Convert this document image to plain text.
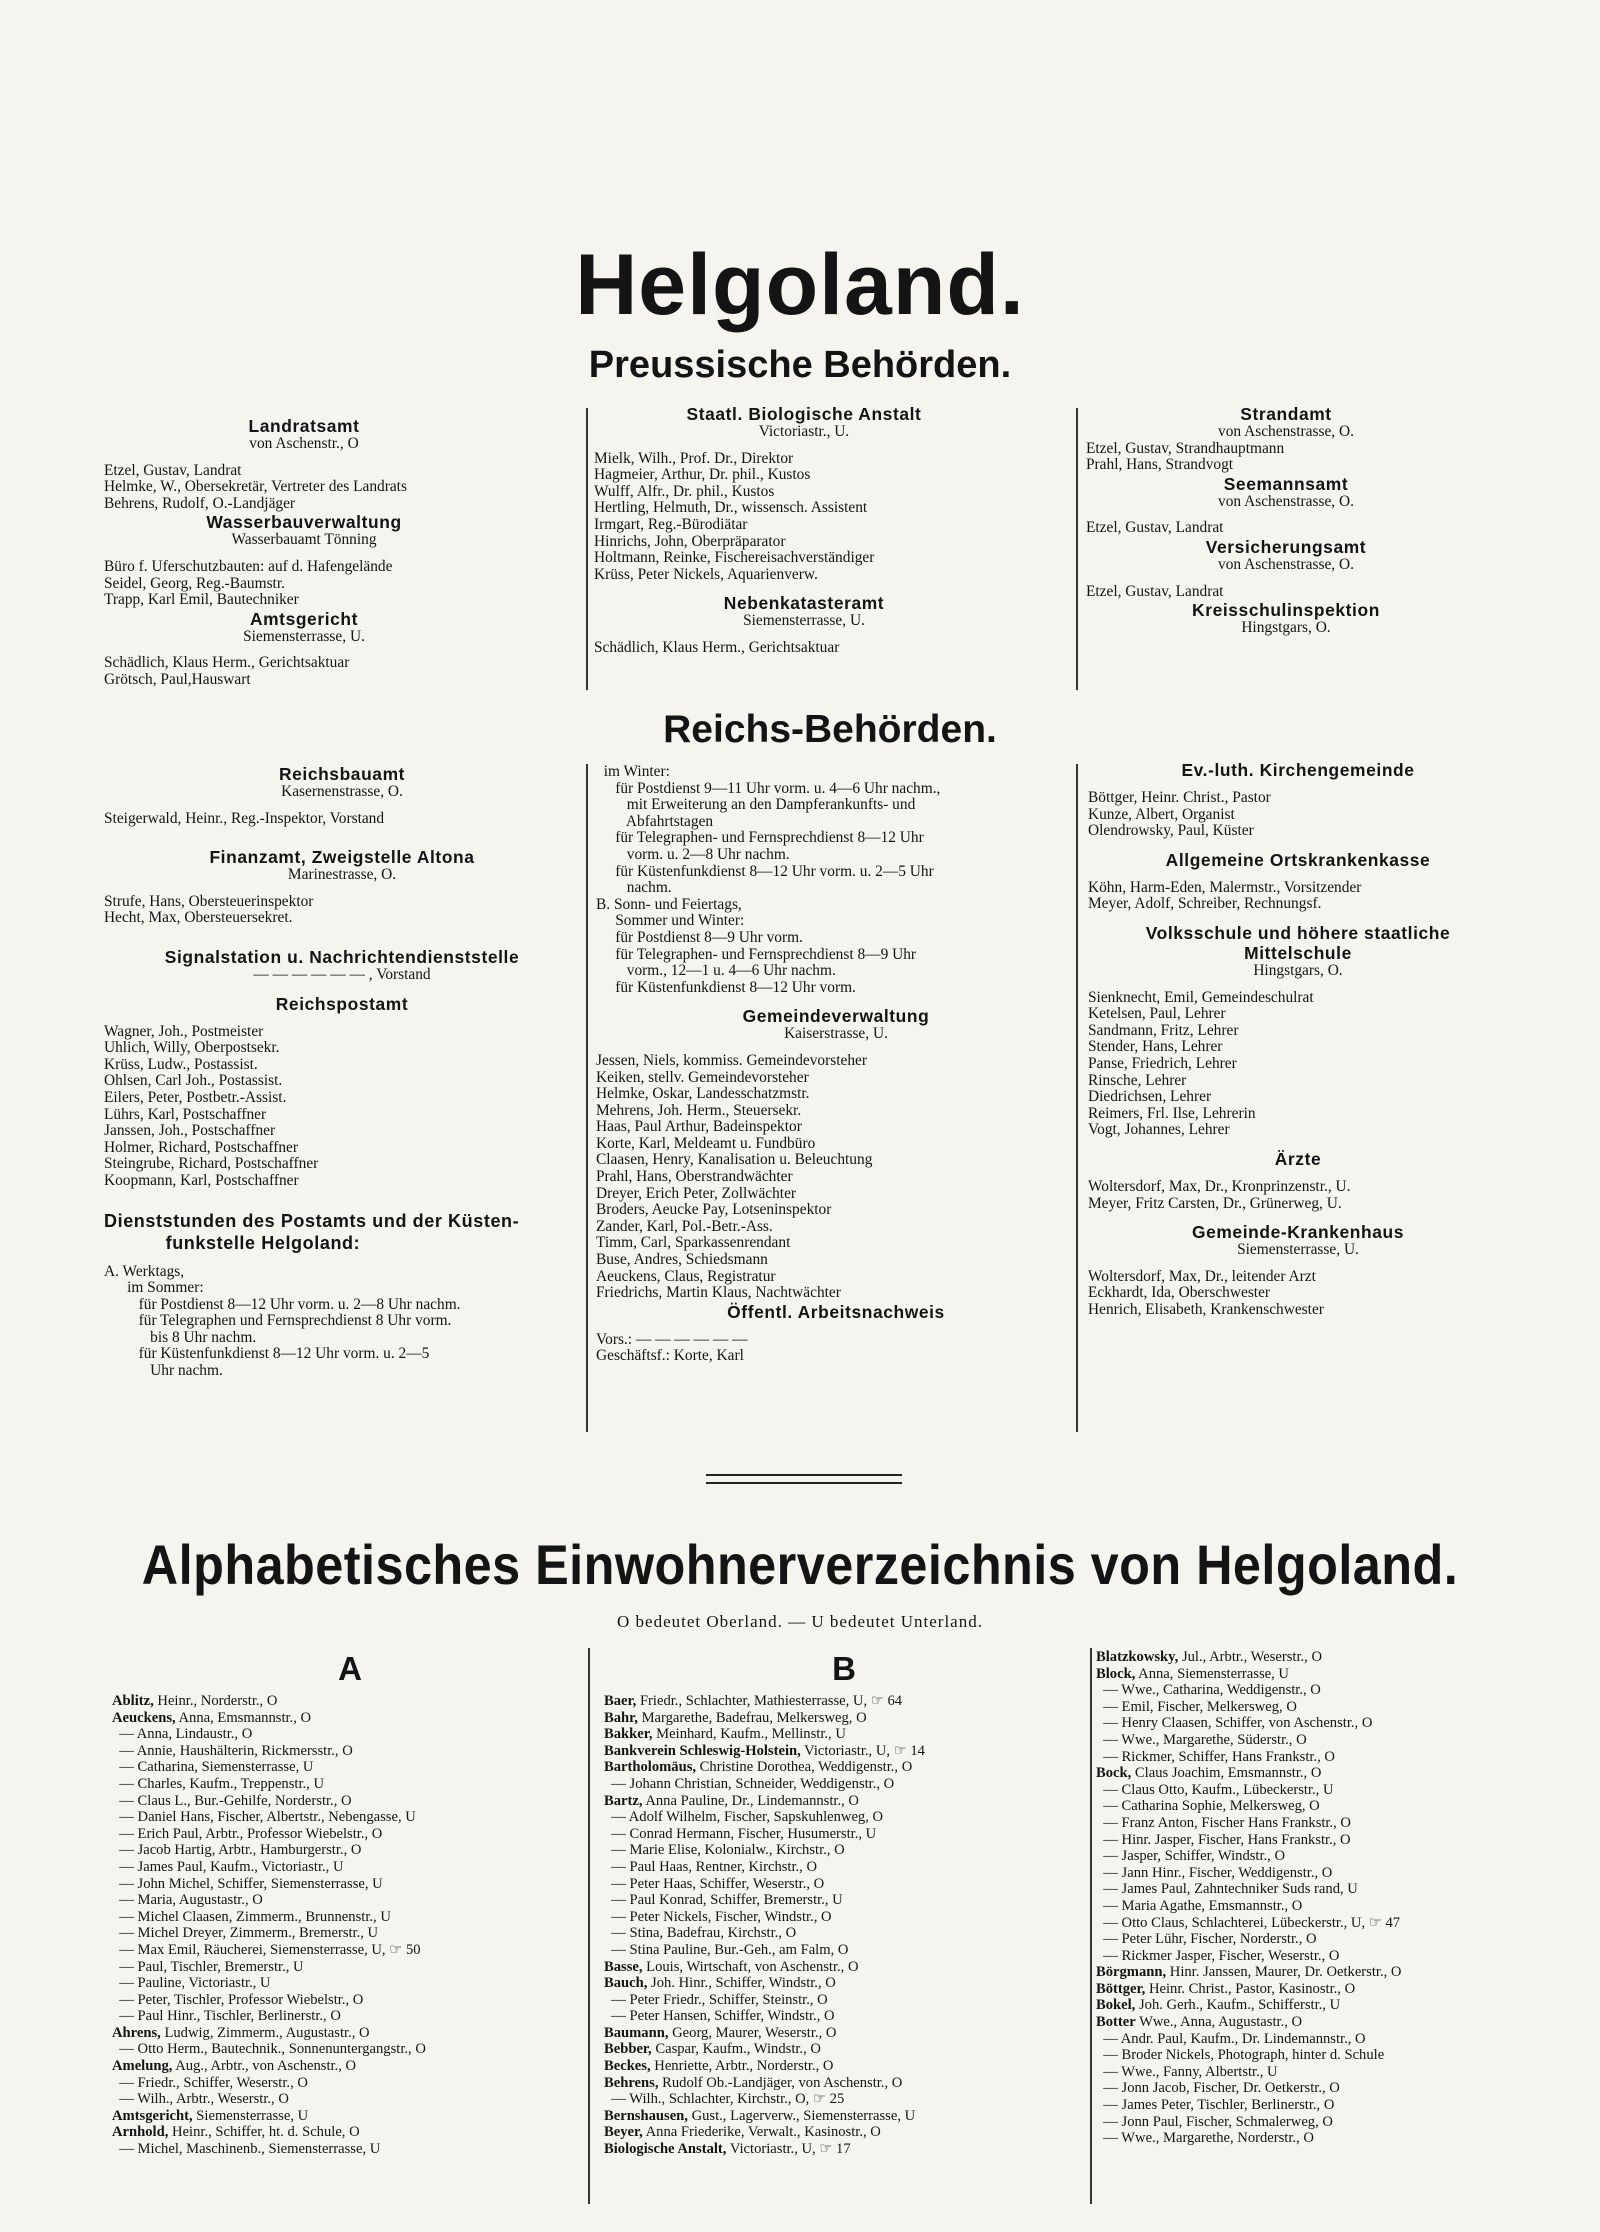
Helgoland.
Preussische Behörden.
Landratsamt
von Aschenstr., O
Etzel, Gustav, Landrat
Helmke, W., Obersekretär, Vertreter des Landrats
Behrens, Rudolf, O.-Landjäger
Wasserbauverwaltung
Wasserbauamt Tönning
Büro f. Uferschutzbauten: auf d. Hafengelände
Seidel, Georg, Reg.-Baumstr.
Trapp, Karl Emil, Bautechniker
Amtsgericht
Siemensterrasse, U.
Schädlich, Klaus Herm., Gerichtsaktuar
Grötsch, Paul,Hauswart
Staatl. Biologische Anstalt
Victoriastr., U.
Mielk, Wilh., Prof. Dr., Direktor
Hagmeier, Arthur, Dr. phil., Kustos
Wulff, Alfr., Dr. phil., Kustos
Hertling, Helmuth, Dr., wissensch. Assistent
Irmgart, Reg.-Bürodiätar
Hinrichs, John, Oberpräparator
Holtmann, Reinke, Fischereisachverständiger
Krüss, Peter Nickels, Aquarienverw.
Nebenkatasteramt
Siemensterrasse, U.
Schädlich, Klaus Herm., Gerichtsaktuar
Strandamt
von Aschenstrasse, O.
Etzel, Gustav, Strandhauptmann
Prahl, Hans, Strandvogt
Seemannsamt
von Aschenstrasse, O.
Etzel, Gustav, Landrat
Versicherungsamt
von Aschenstrasse, O.
Etzel, Gustav, Landrat
Kreisschulinspektion
Hingstgars, O.
Reichs-Behörden.
Reichsbauamt
Kasernenstrasse, O.
Steigerwald, Heinr., Reg.-Inspektor, Vorstand
Finanzamt, Zweigstelle Altona
Marinestrasse, O.
Strufe, Hans, Obersteuerinspektor
Hecht, Max, Obersteuersekret.
Signalstation u. Nachrichtendienststelle
— — — — — — , Vorstand
Reichspostamt
Wagner, Joh., Postmeister
Uhlich, Willy, Oberpostsekr.
Krüss, Ludw., Postassist.
Ohlsen, Carl Joh., Postassist.
Eilers, Peter, Postbetr.-Assist.
Lührs, Karl, Postschaffner
Janssen, Joh., Postschaffner
Holmer, Richard, Postschaffner
Steingrube, Richard, Postschaffner
Koopmann, Karl, Postschaffner
Dienststunden des Postamts und der Küsten-
funkstelle Helgoland:
A. Werktags,
im Sommer:
für Postdienst 8—12 Uhr vorm. u. 2—8 Uhr nachm.
für Telegraphen und Fernsprechdienst 8 Uhr vorm.
bis 8 Uhr nachm.
für Küstenfunkdienst 8—12 Uhr vorm. u. 2—5
Uhr nachm.
im Winter:
für Postdienst 9—11 Uhr vorm. u. 4—6 Uhr nachm.,
mit Erweiterung an den Dampferankunfts- und
Abfahrtstagen
für Telegraphen- und Fernsprechdienst 8—12 Uhr
vorm. u. 2—8 Uhr nachm.
für Küstenfunkdienst 8—12 Uhr vorm. u. 2—5 Uhr
nachm.
B. Sonn- und Feiertags,
Sommer und Winter:
für Postdienst 8—9 Uhr vorm.
für Telegraphen- und Fernsprechdienst 8—9 Uhr
vorm., 12—1 u. 4—6 Uhr nachm.
für Küstenfunkdienst 8—12 Uhr vorm.
Gemeindeverwaltung
Kaiserstrasse, U.
Jessen, Niels, kommiss. Gemeindevorsteher
Keiken, stellv. Gemeindevorsteher
Helmke, Oskar, Landesschatzmstr.
Mehrens, Joh. Herm., Steuersekr.
Haas, Paul Arthur, Badeinspektor
Korte, Karl, Meldeamt u. Fundbüro
Claasen, Henry, Kanalisation u. Beleuchtung
Prahl, Hans, Oberstrandwächter
Dreyer, Erich Peter, Zollwächter
Broders, Aeucke Pay, Lotseninspektor
Zander, Karl, Pol.-Betr.-Ass.
Timm, Carl, Sparkassenrendant
Buse, Andres, Schiedsmann
Aeuckens, Claus, Registratur
Friedrichs, Martin Klaus, Nachtwächter
Öffentl. Arbeitsnachweis
Vors.: — — — — — —
Geschäftsf.: Korte, Karl
Ev.-luth. Kirchengemeinde
Böttger, Heinr. Christ., Pastor
Kunze, Albert, Organist
Olendrowsky, Paul, Küster
Allgemeine Ortskrankenkasse
Köhn, Harm-Eden, Malermstr., Vorsitzender
Meyer, Adolf, Schreiber, Rechnungsf.
Volksschule und höhere staatliche
Mittelschule
Hingstgars, O.
Sienknecht, Emil, Gemeindeschulrat
Ketelsen, Paul, Lehrer
Sandmann, Fritz, Lehrer
Stender, Hans, Lehrer
Panse, Friedrich, Lehrer
Rinsche, Lehrer
Diedrichsen, Lehrer
Reimers, Frl. Ilse, Lehrerin
Vogt, Johannes, Lehrer
Ärzte
Woltersdorf, Max, Dr., Kronprinzenstr., U.
Meyer, Fritz Carsten, Dr., Grünerweg, U.
Gemeinde-Krankenhaus
Siemensterrasse, U.
Woltersdorf, Max, Dr., leitender Arzt
Eckhardt, Ida, Oberschwester
Henrich, Elisabeth, Krankenschwester
Alphabetisches Einwohnerverzeichnis von Helgoland.
O bedeutet Oberland. — U bedeutet Unterland.
A	B
Ablitz, Heinr., Norderstr., O
Aeuckens, Anna, Emsmannstr., O
— Anna, Lindaustr., O
— Annie, Haushälterin, Rickmersstr., O
— Catharina, Siemensterrasse, U
— Charles, Kaufm., Treppenstr., U
— Claus L., Bur.-Gehilfe, Norderstr., O
— Daniel Hans, Fischer, Albertstr., Nebengasse, U
— Erich Paul, Arbtr., Professor Wiebelstr., O
— Jacob Hartig, Arbtr., Hamburgerstr., O
— James Paul, Kaufm., Victoriastr., U
— John Michel, Schiffer, Siemensterrasse, U
— Maria, Augustastr., O
— Michel Claasen, Zimmerm., Brunnenstr., U
— Michel Dreyer, Zimmerm., Bremerstr., U
— Max Emil, Räucherei, Siemensterrasse, U, ☞ 50
— Paul, Tischler, Bremerstr., U
— Pauline, Victoriastr., U
— Peter, Tischler, Professor Wiebelstr., O
— Paul Hinr., Tischler, Berlinerstr., O
Ahrens, Ludwig, Zimmerm., Augustastr., O
— Otto Herm., Bautechnik., Sonnenuntergangstr., O
Amelung, Aug., Arbtr., von Aschenstr., O
— Friedr., Schiffer, Weserstr., O
— Wilh., Arbtr., Weserstr., O
Amtsgericht, Siemensterrasse, U
Arnhold, Heinr., Schiffer, ht. d. Schule, O
— Michel, Maschinenb., Siemensterrasse, U
Baer, Friedr., Schlachter, Mathiesterrasse, U, ☞ 64
Bahr, Margarethe, Badefrau, Melkersweg, O
Bakker, Meinhard, Kaufm., Mellinstr., U
Bankverein Schleswig-Holstein, Victoriastr., U, ☞ 14
Bartholomäus, Christine Dorothea, Weddigenstr., O
— Johann Christian, Schneider, Weddigenstr., O
Bartz, Anna Pauline, Dr., Lindemannstr., O
— Adolf Wilhelm, Fischer, Sapskuhlenweg, O
— Conrad Hermann, Fischer, Husumerstr., U
— Marie Elise, Kolonialw., Kirchstr., O
— Paul Haas, Rentner, Kirchstr., O
— Peter Haas, Schiffer, Weserstr., O
— Paul Konrad, Schiffer, Bremerstr., U
— Peter Nickels, Fischer, Windstr., O
— Stina, Badefrau, Kirchstr., O
— Stina Pauline, Bur.-Geh., am Falm, O
Basse, Louis, Wirtschaft, von Aschenstr., O
Bauch, Joh. Hinr., Schiffer, Windstr., O
— Peter Friedr., Schiffer, Steinstr., O
— Peter Hansen, Schiffer, Windstr., O
Baumann, Georg, Maurer, Weserstr., O
Bebber, Caspar, Kaufm., Windstr., O
Beckes, Henriette, Arbtr., Norderstr., O
Behrens, Rudolf Ob.-Landjäger, von Aschenstr., O
— Wilh., Schlachter, Kirchstr., O, ☞ 25
Bernshausen, Gust., Lagerverw., Siemensterrasse, U
Beyer, Anna Friederike, Verwalt., Kasinostr., O
Biologische Anstalt, Victoriastr., U, ☞ 17
Blatzkowsky, Jul., Arbtr., Weserstr., O
Block, Anna, Siemensterrasse, U
— Wwe., Catharina, Weddigenstr., O
— Emil, Fischer, Melkersweg, O
— Henry Claasen, Schiffer, von Aschenstr., O
— Wwe., Margarethe, Süderstr., O
— Rickmer, Schiffer, Hans Frankstr., O
Bock, Claus Joachim, Emsmannstr., O
— Claus Otto, Kaufm., Lübeckerstr., U
— Catharina Sophie, Melkersweg, O
— Franz Anton, Fischer Hans Frankstr., O
— Hinr. Jasper, Fischer, Hans Frankstr., O
— Jasper, Schiffer, Windstr., O
— Jann Hinr., Fischer, Weddigenstr., O
— James Paul, Zahntechniker Suds rand, U
— Maria Agathe, Emsmannstr., O
— Otto Claus, Schlachterei, Lübeckerstr., U, ☞ 47
— Peter Lühr, Fischer, Norderstr., O
— Rickmer Jasper, Fischer, Weserstr., O
Börgmann, Hinr. Janssen, Maurer, Dr. Oetkerstr., O
Böttger, Heinr. Christ., Pastor, Kasinostr., O
Bokel, Joh. Gerh., Kaufm., Schifferstr., U
Botter Wwe., Anna, Augustastr., O
— Andr. Paul, Kaufm., Dr. Lindemannstr., O
— Broder Nickels, Photograph, hinter d. Schule
— Wwe., Fanny, Albertstr., U
— Jonn Jacob, Fischer, Dr. Oetkerstr., O
— James Peter, Tischler, Berlinerstr., O
— Jonn Paul, Fischer, Schmalerweg, O
— Wwe., Margarethe, Norderstr., O
